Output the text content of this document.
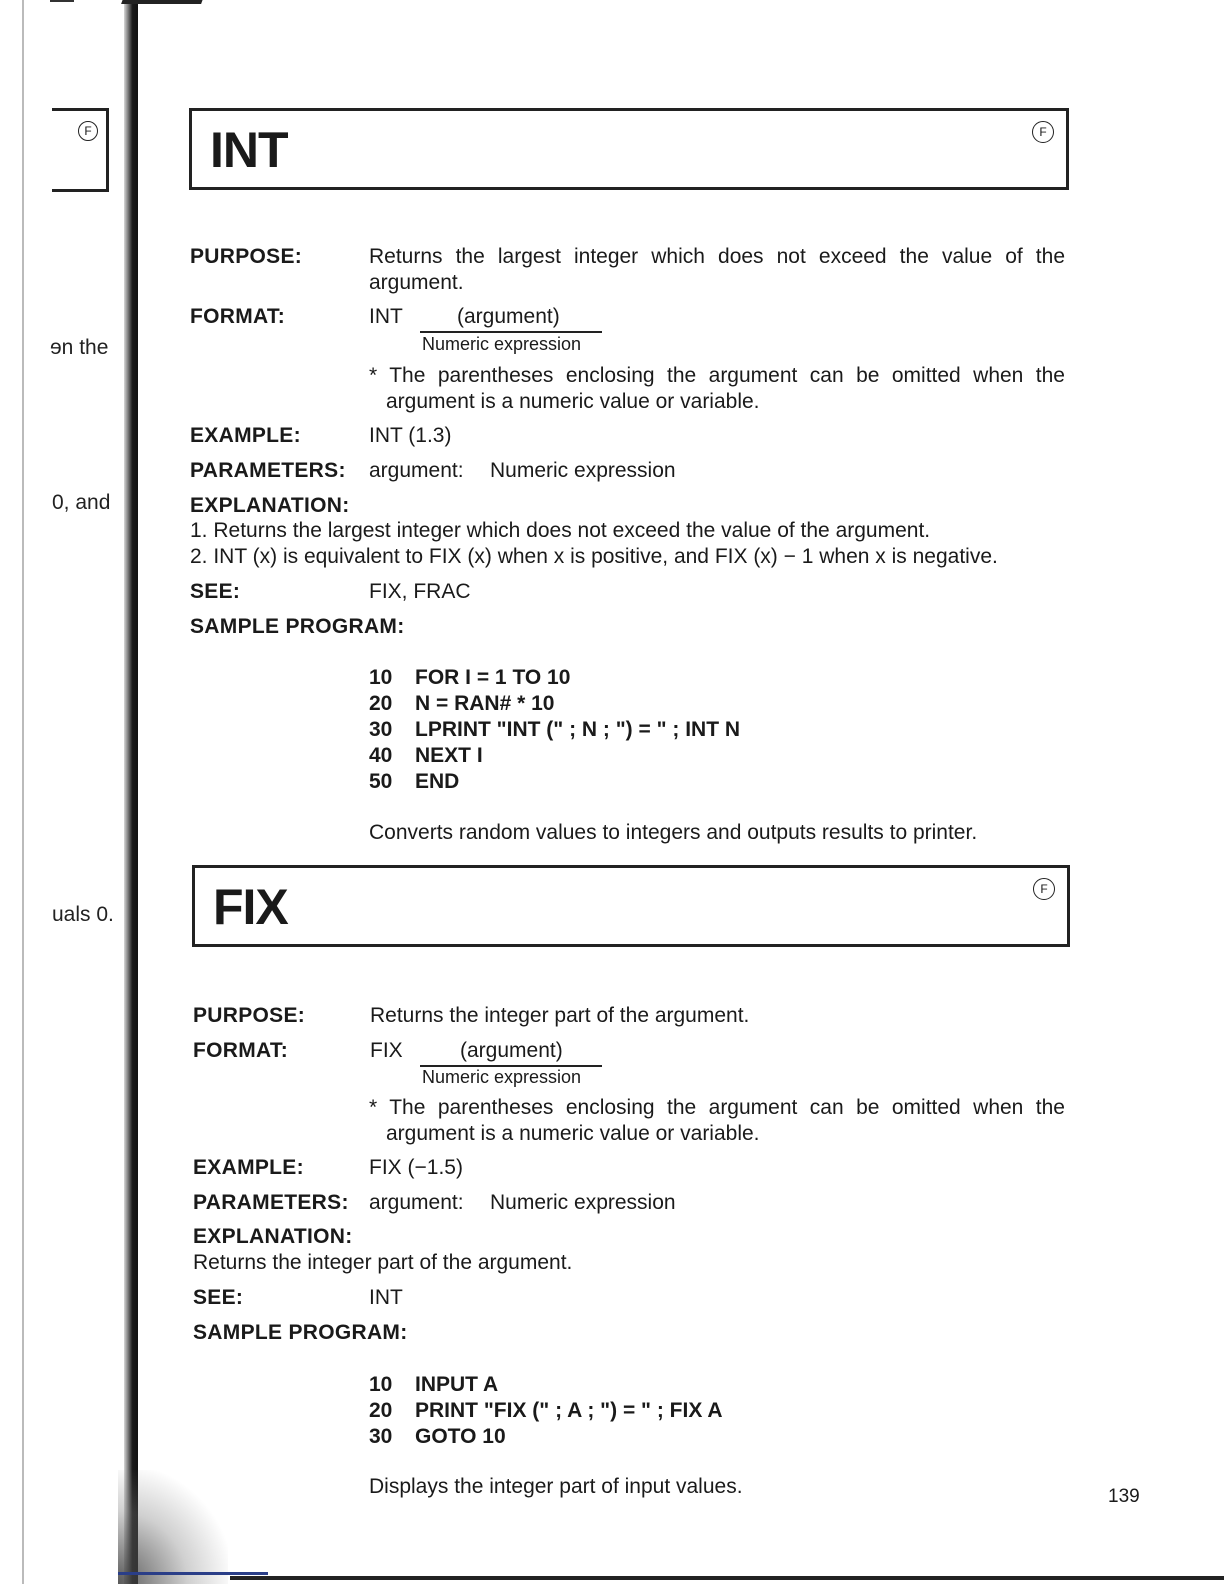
F
ɘn the
0, and
uals 0.
INT	F
PURPOSE:	Returns the largest integer which does not exceed the value of the argument.
FORMAT:	INT	(argument)
Numeric expression
* The parentheses enclosing the argument can be omitted when the argument is a numeric value or variable.
EXAMPLE:	INT (1.3)
PARAMETERS: argument: Numeric expression
EXPLANATION:
1. Returns the largest integer which does not exceed the value of the argument.
2. INT (x) is equivalent to FIX (x) when x is positive, and FIX (x) − 1 when x is negative.
SEE:	FIX, FRAC
SAMPLE PROGRAM:
10 FOR I = 1 TO 10
20 N = RAN# * 10
30 LPRINT "INT (" ; N ; ") = " ; INT N
40 NEXT I
50 END
Converts random values to integers and outputs results to printer.
FIX	F
PURPOSE:	Returns the integer part of the argument.
FORMAT:	FIX	(argument)
Numeric expression
* The parentheses enclosing the argument can be omitted when the argument is a numeric value or variable.
EXAMPLE:	FIX (−1.5)
PARAMETERS: argument: Numeric expression
EXPLANATION:
Returns the integer part of the argument.
SEE:	INT
SAMPLE PROGRAM:
10 INPUT A
20 PRINT "FIX (" ; A ; ") = " ; FIX A
30 GOTO 10
Displays the integer part of input values.	139
